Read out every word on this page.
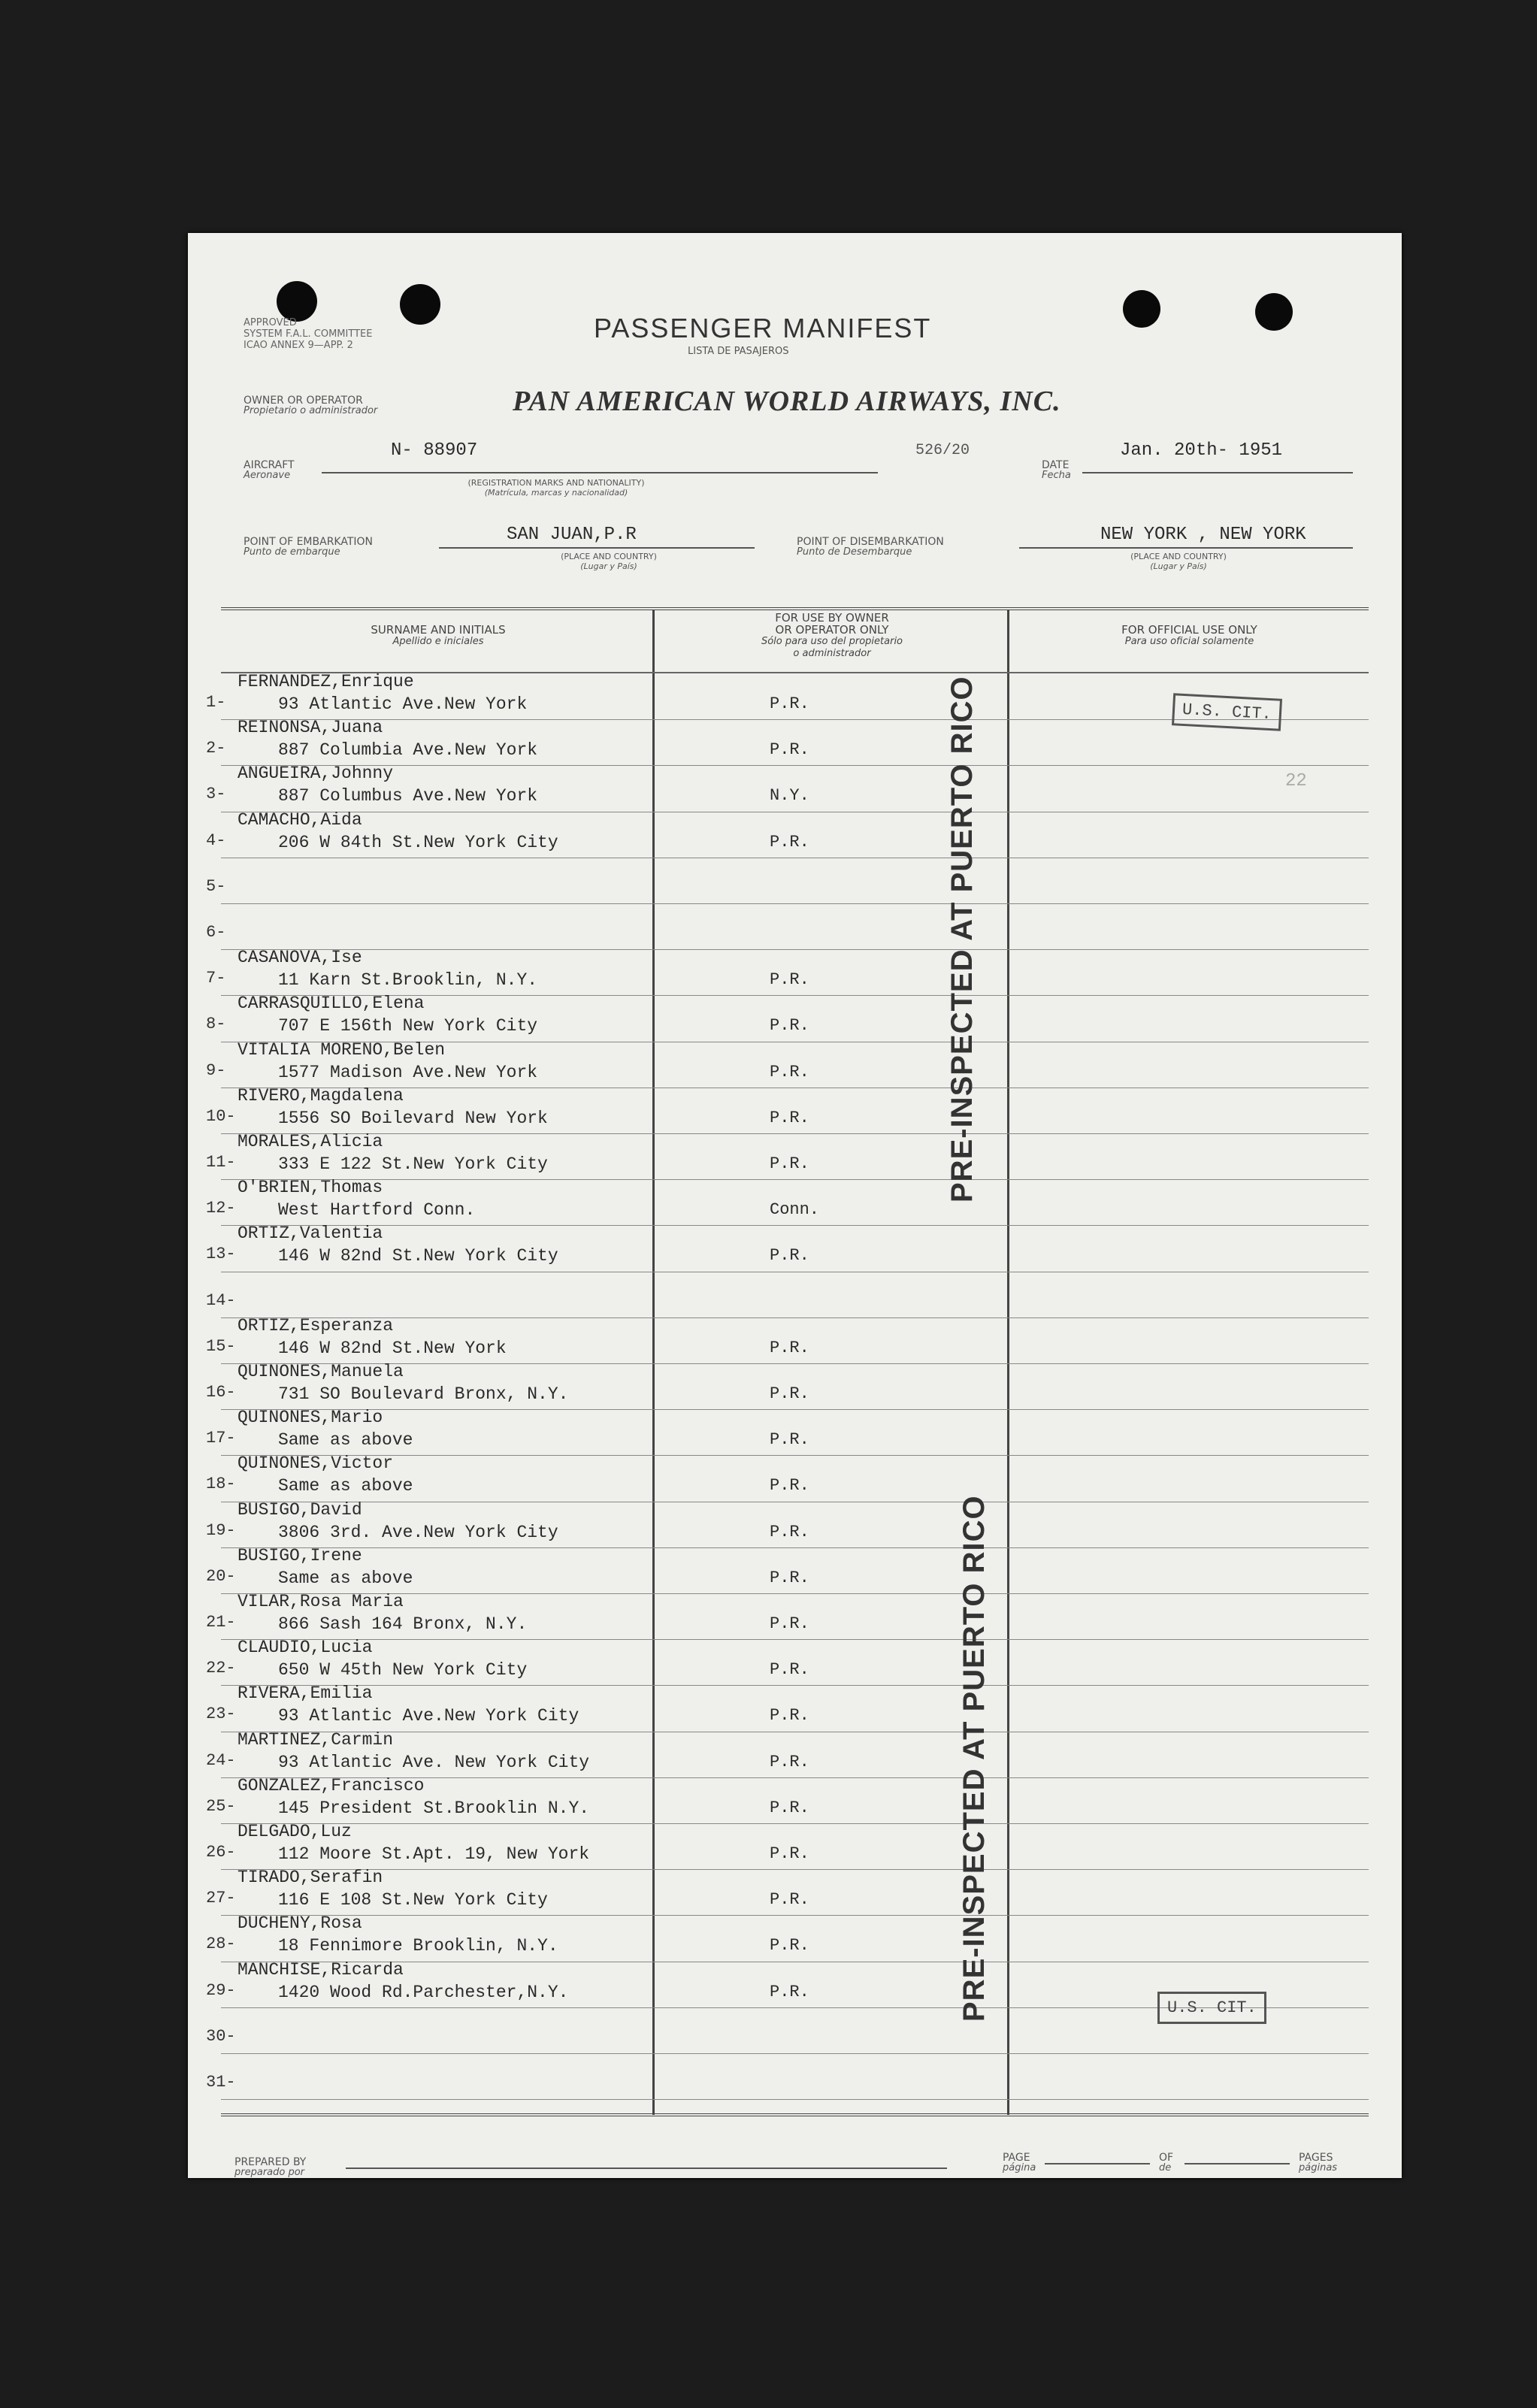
APPROVED
SYSTEM F.A.L. COMMITTEE
ICAO ANNEX 9—APP. 2
PASSENGER MANIFEST
LISTA DE PASAJEROS
OWNER OR OPERATOR
Propietario o administrador	PAN AMERICAN WORLD AIRWAYS, INC.
AIRCRAFT
Aeronave
N- 88907
(REGISTRATION MARKS AND NATIONALITY)
(Matrícula, marcas y nacionalidad)
526/20
DATE
Fecha
Jan. 20th- 1951
POINT OF EMBARKATION
Punto de embarque
SAN JUAN,P.R
(PLACE AND COUNTRY)
(Lugar y País)
POINT OF DISEMBARKATION
Punto de Desembarque
NEW YORK , NEW YORK
(PLACE AND COUNTRY)
(Lugar y País)
SURNAME AND INITIALS
Apellido e iniciales
FOR USE BY OWNER
OR OPERATOR ONLY
Sólo para uso del propietario
o administrador
FOR OFFICIAL USE ONLY
Para uso oficial solamente
1-
FERNANDEZ,Enrique
93 Atlantic Ave.New York	P.R.
2-
REINONSA,Juana
887 Columbia Ave.New York	P.R.
3-
ANGUEIRA,Johnny
887 Columbus Ave.New York	N.Y.
4-
CAMACHO,Aida
206 W 84th St.New York City	P.R.
5-
6-
7-
CASANOVA,Ise
11 Karn St.Brooklin, N.Y.	P.R.
8-
CARRASQUILLO,Elena
707 E 156th New York City	P.R.
9-
VITALIA MORENO,Belen
1577 Madison Ave.New York	P.R.
10-
RIVERO,Magdalena
1556 SO Boilevard New York	P.R.
11-
MORALES,Alicia
333 E 122 St.New York City	P.R.
12-
O'BRIEN,Thomas
West Hartford Conn.	Conn.
13-
ORTIZ,Valentia
146 W 82nd St.New York City	P.R.
14-
15-
ORTIZ,Esperanza
146 W 82nd St.New York	P.R.
16-
QUINONES,Manuela
731 SO Boulevard Bronx, N.Y.	P.R.
17-
QUINONES,Mario
Same as above	P.R.
18-
QUINONES,Victor
Same as above	P.R.
19-
BUSIGO,David
3806 3rd. Ave.New York City	P.R.
20-
BUSIGO,Irene
Same as above	P.R.
21-
VILAR,Rosa Maria
866 Sash 164 Bronx, N.Y.	P.R.
22-
CLAUDIO,Lucia
650 W 45th New York City	P.R.
23-
RIVERA,Emilia
93 Atlantic Ave.New York City	P.R.
24-
MARTINEZ,Carmin
93 Atlantic Ave. New York City	P.R.
25-
GONZALEZ,Francisco
145 President St.Brooklin N.Y.	P.R.
26-
DELGADO,Luz
112 Moore St.Apt. 19, New York	P.R.
27-
TIRADO,Serafin
116 E 108 St.New York City	P.R.
28-
DUCHENY,Rosa
18 Fennimore Brooklin, N.Y.	P.R.
29-
MANCHISE,Ricarda
1420 Wood Rd.Parchester,N.Y.	P.R.
30-
31-
PRE-INSPECTED AT PUERTO RICO
PRE-INSPECTED AT PUERTO RICO
U.S. CIT.
U.S. CIT.
22
PREPARED BY
preparado por
PAGE
página
OF
de
PAGES
páginas
